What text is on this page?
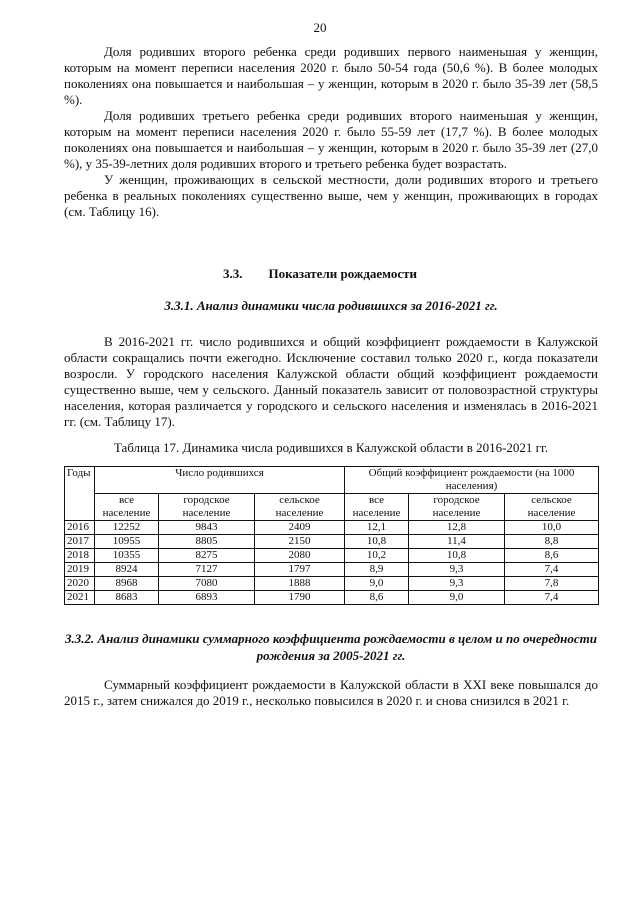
20

Доля родивших второго ребенка среди родивших первого наименьшая у женщин, которым на момент переписи населения 2020 г. было 50-54 года (50,6 %). В более молодых поколениях она повышается и наибольшая – у женщин, которым в 2020 г. было 35-39 лет (58,5 %).

Доля родивших третьего ребенка среди родивших второго наименьшая у женщин, которым на момент переписи населения 2020 г. было 55-59 лет (17,7 %). В более молодых поколениях она повышается и наибольшая – у женщин, которым в 2020 г. было 35-39 лет (27,0 %), у 35-39-летних доля родивших второго и третьего ребенка будет возрастать.

У женщин, проживающих в сельской местности, доли родивших второго и третьего ребенка в реальных поколениях существенно выше, чем у женщин, проживающих в городах (см. Таблицу 16).

3.3.  Показатели рождаемости
3.3.1. Анализ динамики числа родившихся за 2016-2021 гг.

В 2016-2021 гг. число родившихся и общий коэффициент рождаемости в Калужской области сокращались почти ежегодно. Исключение составил только 2020 г., когда показатели возросли. У городского населения Калужской области общий коэффициент рождаемости существенно выше, чем у сельского. Данный показатель зависит от половозрастной структуры населения, которая различается у городского и сельского населения и изменялась в 2016-2021 гг. (см. Таблицу 17).

Таблица 17. Динамика числа родившихся в Калужской области в 2016-2021 гг.
Годы	Число родившихся			Общий коэффициент рождаемости (на 1000 населения)		
	все население	городское население	сельское население	все население	городское население	сельское население
2016	12252	9843	2409	12,1	12,8	10,0
2017	10955	8805	2150	10,8	11,4	8,8
2018	10355	8275	2080	10,2	10,8	8,6
2019	8924	7127	1797	8,9	9,3	7,4
2020	8968	7080	1888	9,0	9,3	7,8
2021	8683	6893	1790	8,6	9,0	7,4
3.3.2. Анализ динамики суммарного коэффициента рождаемости в целом и по очередности рождения за 2005-2021 гг.

Суммарный коэффициент рождаемости в Калужской области в XXI веке повышался до 2015 г., затем снижался до 2019 г., несколько повысился в 2020 г. и снова снизился в 2021 г.
